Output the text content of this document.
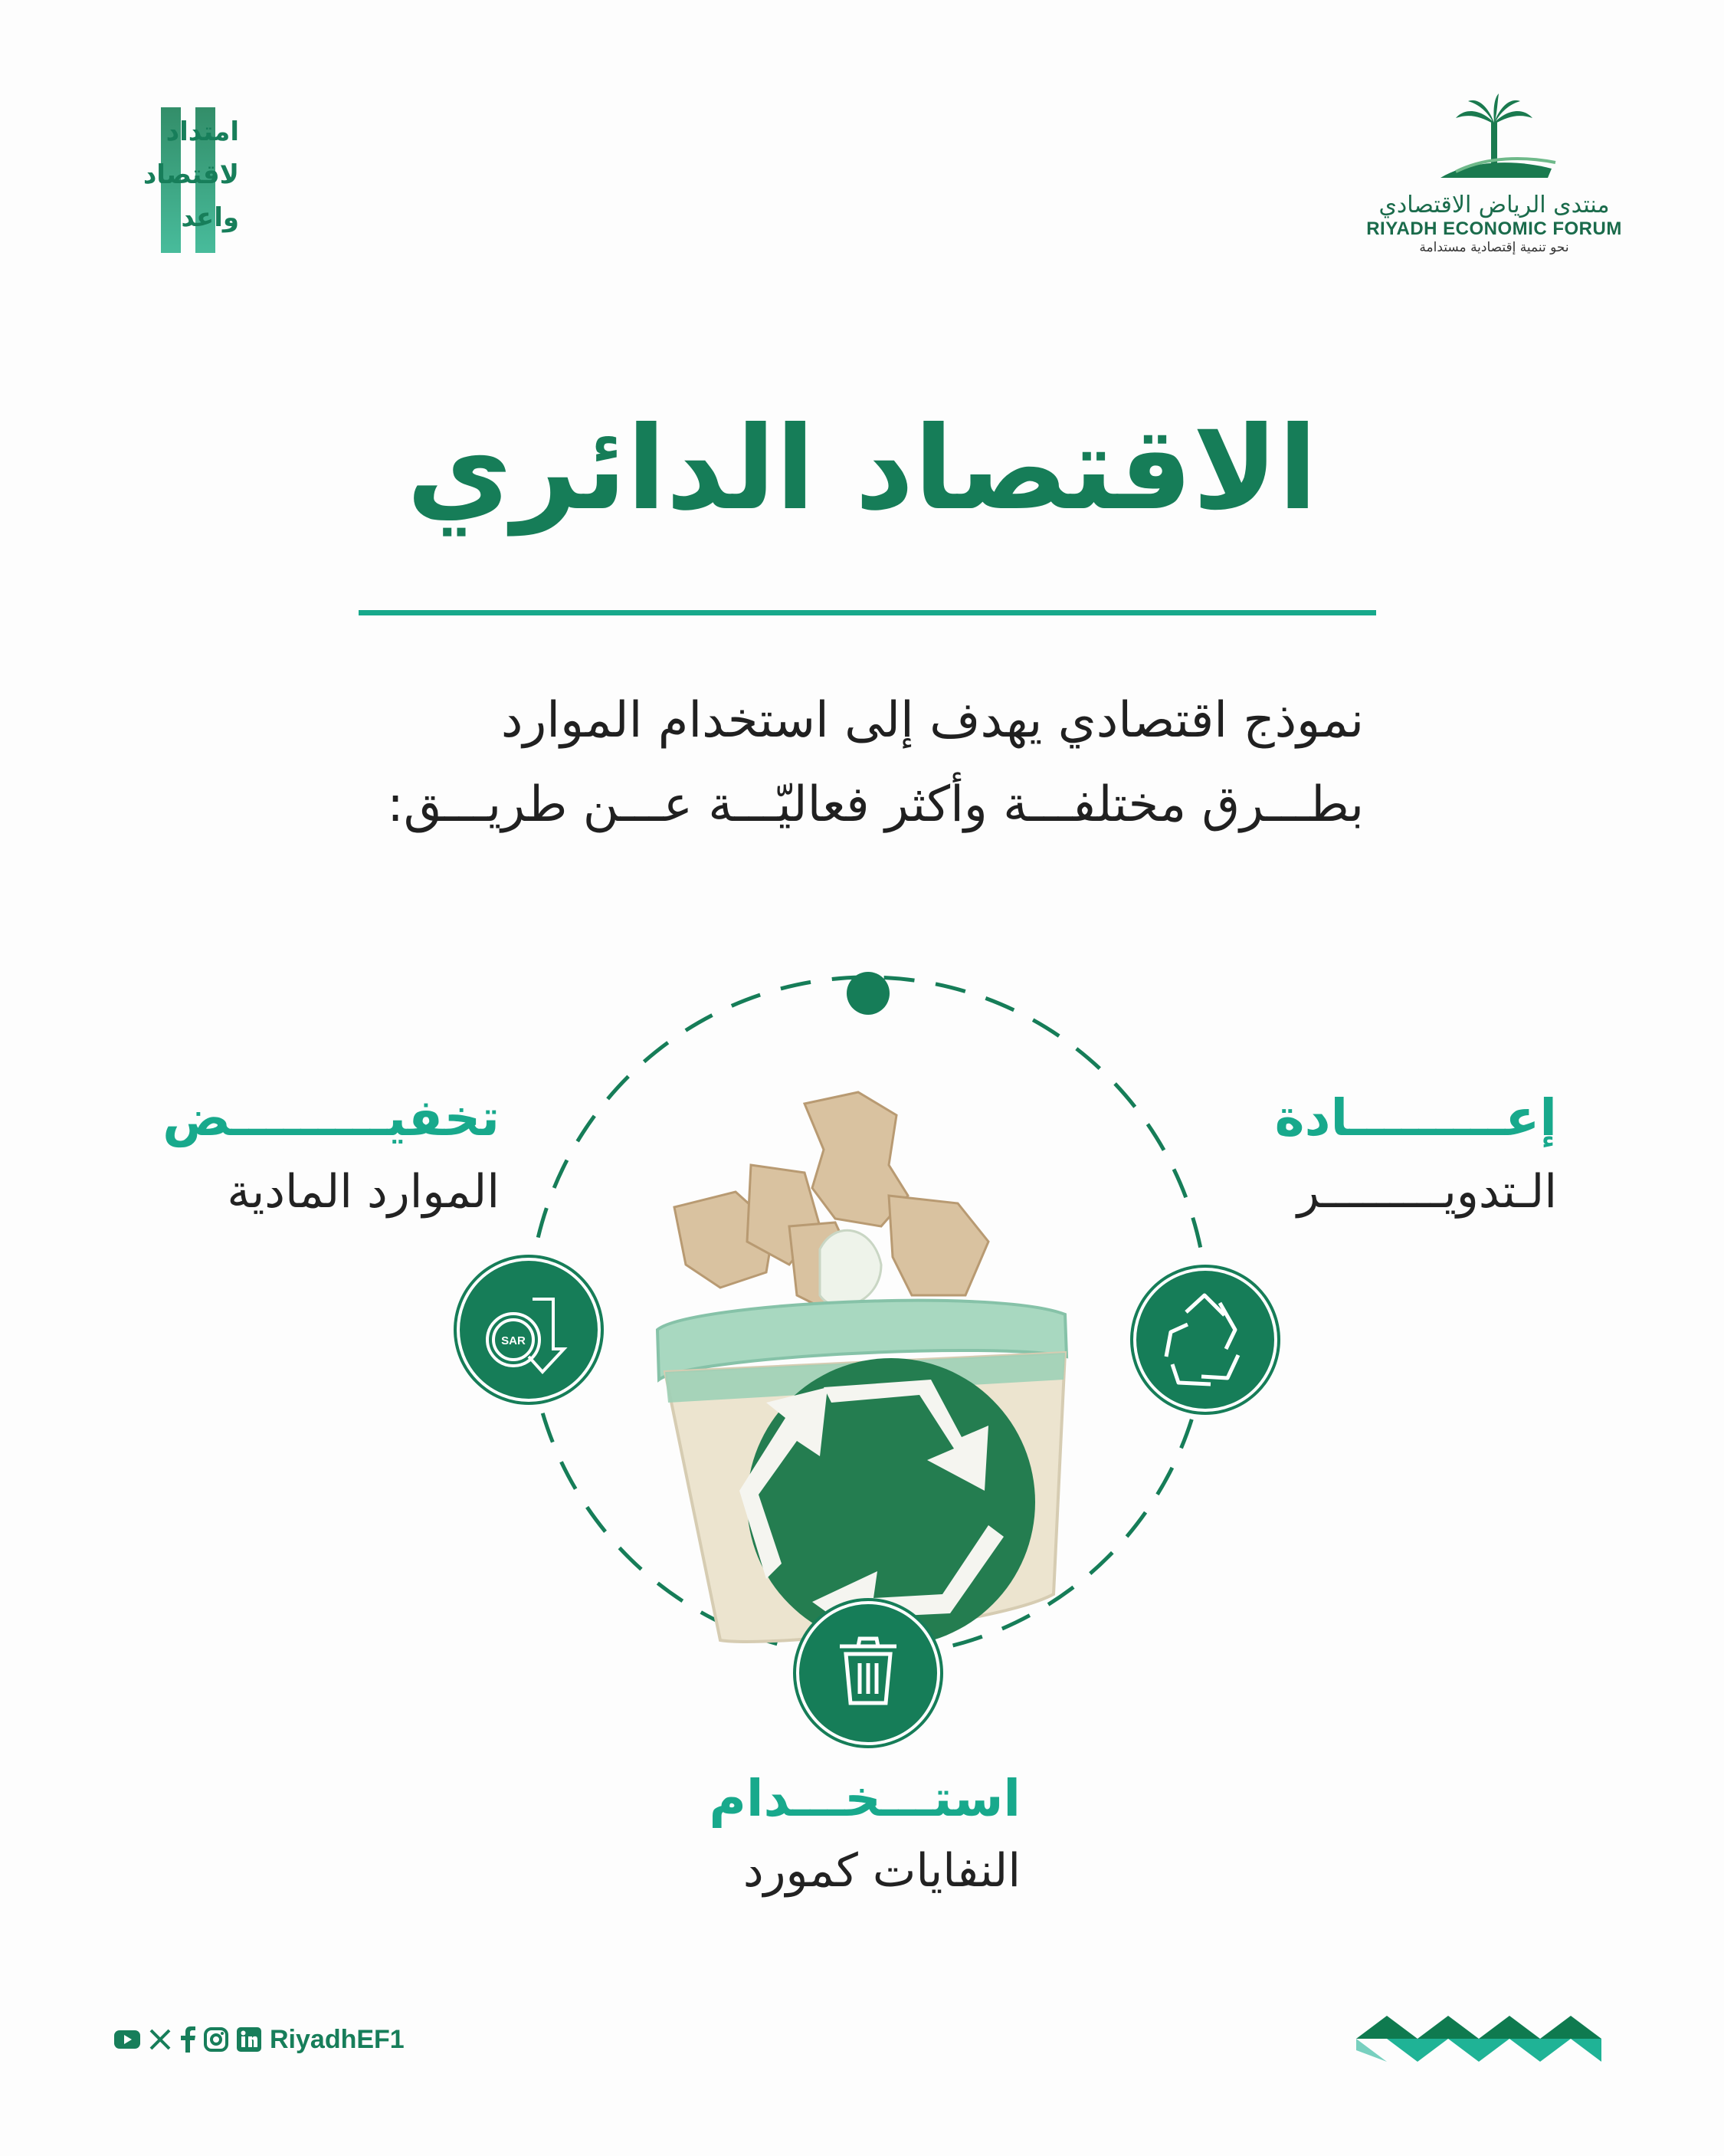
امتداد
لاقتصاد
واعد	منتدى الرياض الاقتصادي
RIYADH ECONOMIC FORUM
نحو تنمية إقتصادية مستدامة
الاقتصاد الدائري
نموذج اقتصادي يهدف إلى استخدام الموارد
بطـــرق مختلفـــة وأكثر فعاليّـــة عـــن طريـــق:
SAR
تخفيـــــــــض
الموارد المادية
إعـــــــــادة
الـتدويـــــــــر
استـــخـــدام
النفايات كمورد
RiyadhEF1
